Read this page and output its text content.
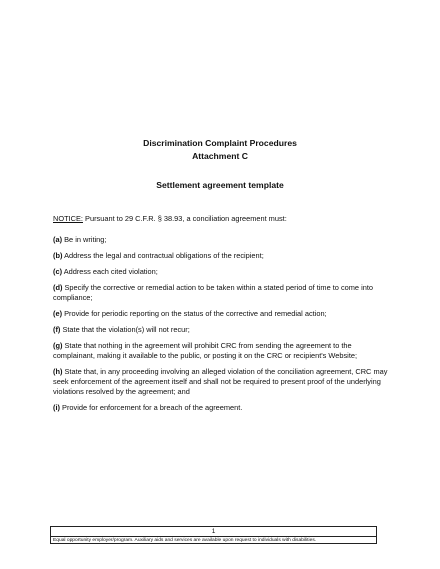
Discrimination Complaint Procedures
Attachment C
Settlement agreement template
NOTICE: Pursuant to 29 C.F.R. § 38.93, a conciliation agreement must:
(a) Be in writing;
(b) Address the legal and contractual obligations of the recipient;
(c) Address each cited violation;
(d) Specify the corrective or remedial action to be taken within a stated period of time to come into compliance;
(e) Provide for periodic reporting on the status of the corrective and remedial action;
(f) State that the violation(s) will not recur;
(g) State that nothing in the agreement will prohibit CRC from sending the agreement to the complainant, making it available to the public, or posting it on the CRC or recipient's Website;
(h) State that, in any proceeding involving an alleged violation of the conciliation agreement, CRC may seek enforcement of the agreement itself and shall not be required to present proof of the underlying violations resolved by the agreement; and
(i) Provide for enforcement for a breach of the agreement.
1
Equal opportunity employer/program. Auxiliary aids and services are available upon request to individuals with disabilities.
